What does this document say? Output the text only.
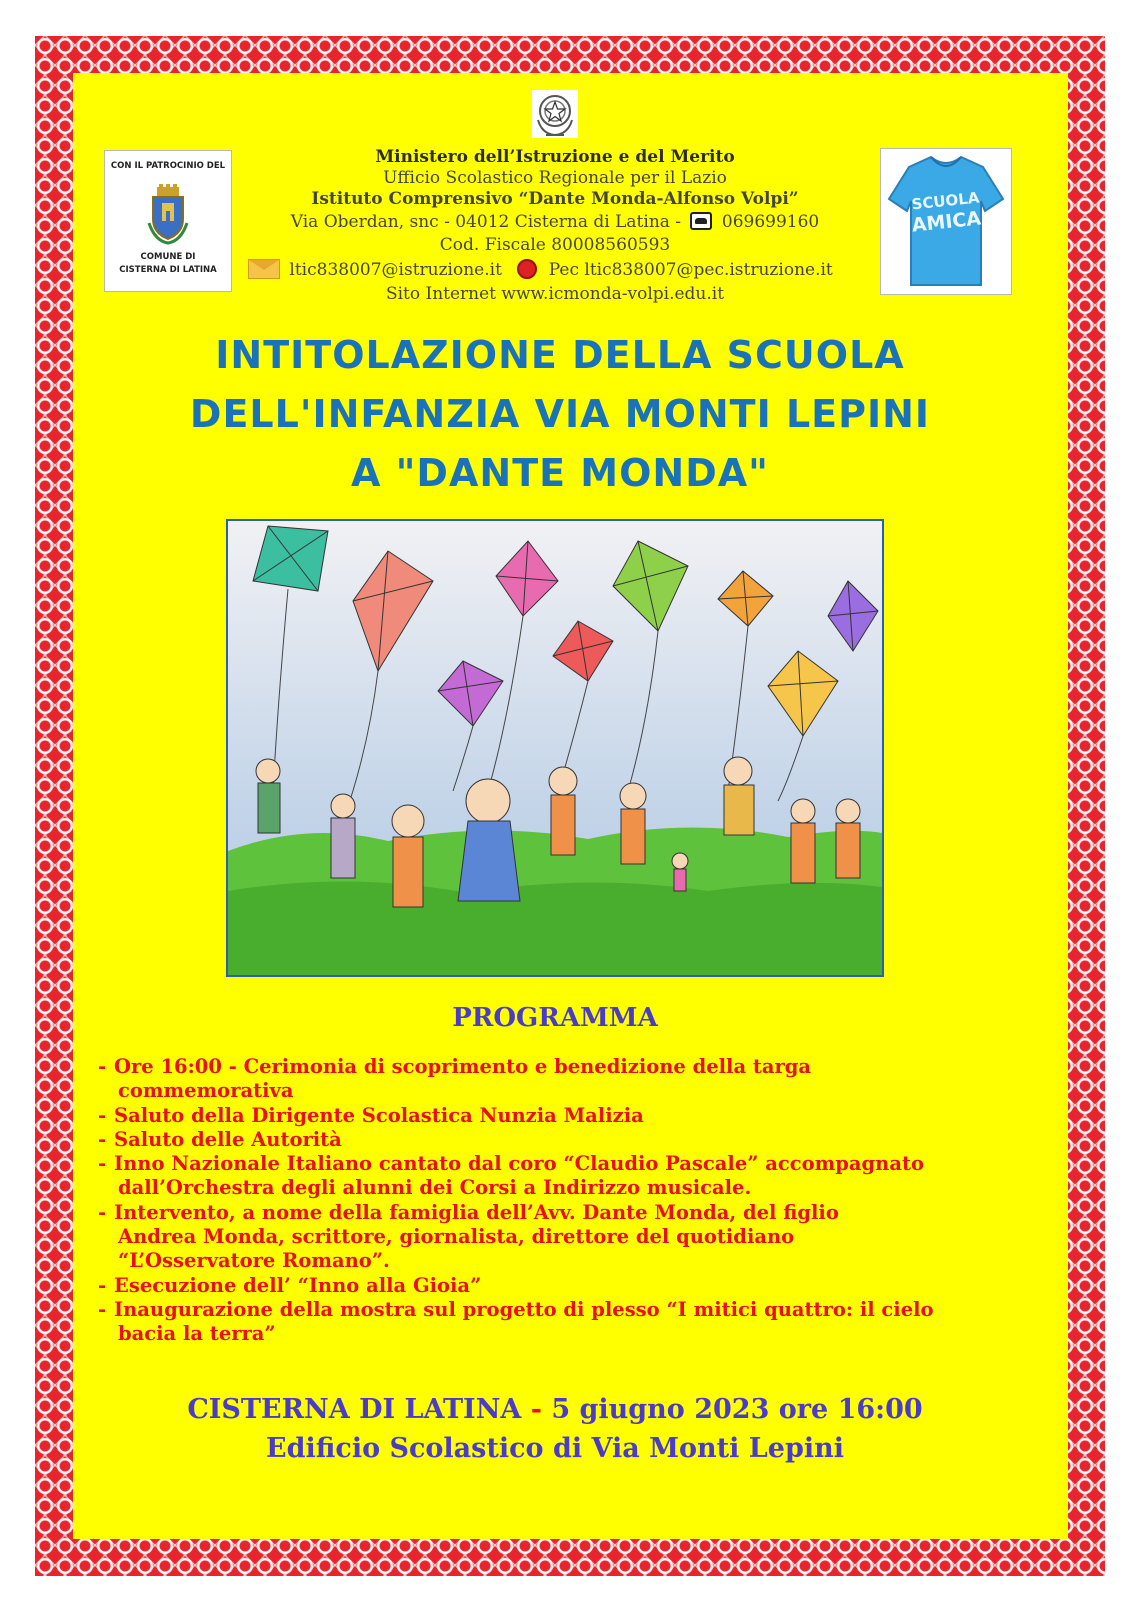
CON IL PATROCINIO DEL
COMUNE DI
CISTERNA DI LATINA
Ministero dell’Istruzione e del Merito
Ufficio Scolastico Regionale per il Lazio
Istituto Comprensivo “Dante Monda-Alfonso Volpi”
Via Oberdan, snc - 04012 Cisterna di Latina - 069699160
Cod. Fiscale 80008560593
ltic838007@istruzione.it	Pec ltic838007@pec.istruzione.it
Sito Internet www.icmonda-volpi.edu.it
SCUOLA
AMICA
INTITOLAZIONE DELLA SCUOLA
DELL'INFANZIA VIA MONTI LEPINI
A "DANTE MONDA"
PROGRAMMA
- Ore 16:00 - Cerimonia di scoprimento e benedizione della targa
commemorativa
- Saluto della Dirigente Scolastica Nunzia Malizia
- Saluto delle Autorità
- Inno Nazionale Italiano cantato dal coro “Claudio Pascale” accompagnato
dall’Orchestra degli alunni dei Corsi a Indirizzo musicale.
- Intervento, a nome della famiglia dell’Avv. Dante Monda, del figlio
Andrea Monda, scrittore, giornalista, direttore del quotidiano
“L’Osservatore Romano”.
- Esecuzione dell’ “Inno alla Gioia”
- Inaugurazione della mostra sul progetto di plesso “I mitici quattro: il cielo
bacia la terra”
CISTERNA DI LATINA - 5 giugno 2023 ore 16:00
Edificio Scolastico di Via Monti Lepini
